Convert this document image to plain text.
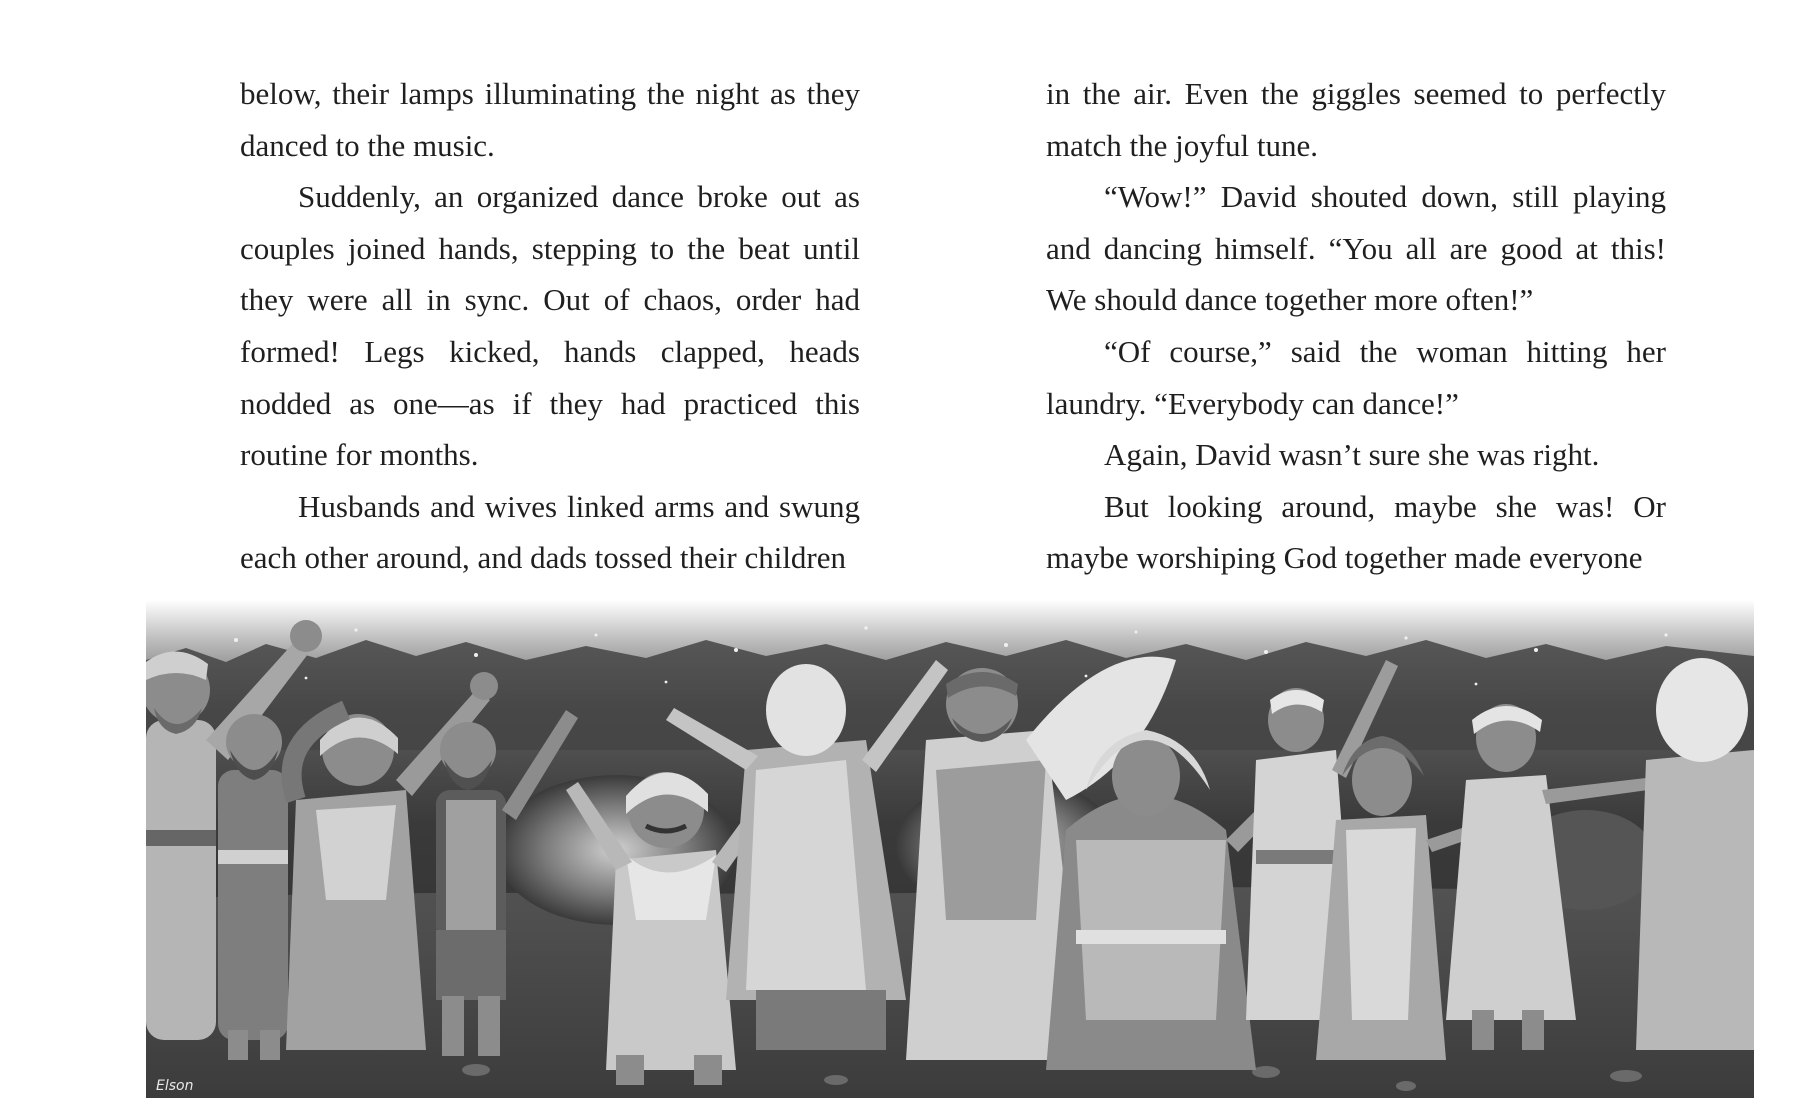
below, their lamps illuminating the night as they danced to the music.

Suddenly, an organized dance broke out as couples joined hands, stepping to the beat until they were all in sync. Out of chaos, order had formed! Legs kicked, hands clapped, heads nodded as one—as if they had practiced this routine for months.

Husbands and wives linked arms and swung each other around, and dads tossed their children

in the air. Even the giggles seemed to perfectly match the joyful tune.

“Wow!” David shouted down, still playing and dancing himself. “You all are good at this! We should dance together more often!”

“Of course,” said the woman hitting her laundry. “Everybody can dance!”

Again, David wasn’t sure she was right.

But looking around, maybe she was! Or maybe worshiping God together made everyone

Elson
